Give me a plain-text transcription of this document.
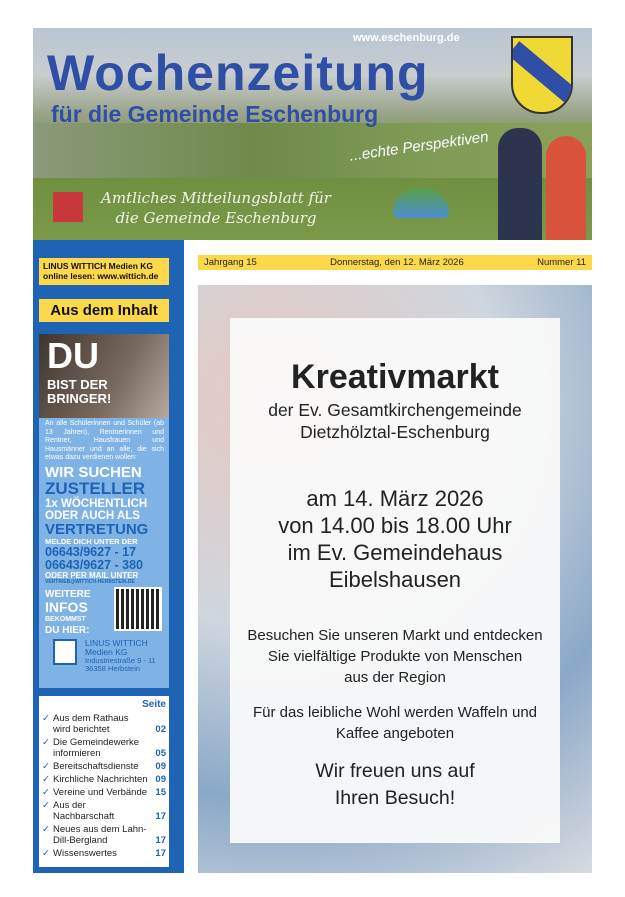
www.eschenburg.de
Wochenzeitung
für die Gemeinde Eschenburg
...echte Perspektiven
Amtliches Mitteilungsblatt für
die Gemeinde Eschenburg
LINUS WITTICH Medien KG
online lesen: www.wittich.de
Aus dem Inhalt
DU
BIST DER
BRINGER!
An alle Schülerinnen und Schüler (ab 13 Jahren), Rentnerinnen und Rentner, Hausfrauen und Hausmänner und an alle, die sich etwas dazu verdienen wollen:
WIR SUCHEN
ZUSTELLER
1x WÖCHENTLICH
ODER AUCH ALS
VERTRETUNG
MELDE DICH UNTER DER
06643/9627 - 17
06643/9627 - 380
ODER PER MAIL UNTER
VERTRIEB@WITTICH-HERBSTEIN.DE
WEITERE
INFOS
BEKOMMST
DU HIER:
LINUS WITTICH
Medien KG
Industriestraße 9 - 11
36358 Herbstein
Seite
✓ Aus dem Rathaus wird berichtet	02
✓ Die Gemeindewerke informieren	05
✓ Bereitschaftsdienste	09
✓ Kirchliche Nachrichten 09
✓ Vereine und Verbände 15
✓ Aus der Nachbarschaft	17
✓ Neues aus dem Lahn-Dill-Bergland	17
✓ Wissenswertes	17
Jahrgang 15	Donnerstag, den 12. März 2026	Nummer 11
Kreativmarkt
der Ev. Gesamtkirchengemeinde
Dietzhölztal-Eschenburg
am 14. März 2026
von 14.00 bis 18.00 Uhr
im Ev. Gemeindehaus
Eibelshausen
Besuchen Sie unseren Markt und entdecken
Sie vielfältige Produkte von Menschen
aus der Region
Für das leibliche Wohl werden Waffeln und
Kaffee angeboten
Wir freuen uns auf
Ihren Besuch!
